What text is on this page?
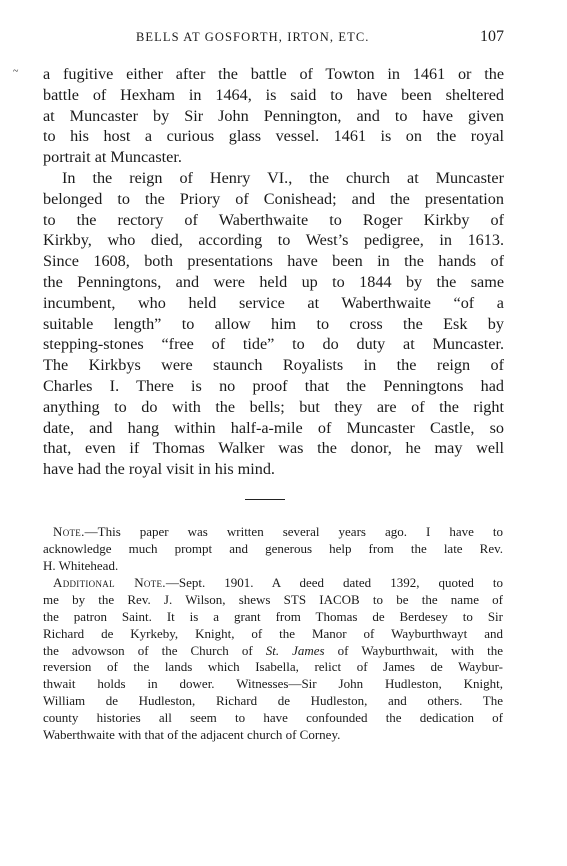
~
BELLS AT GOSFORTH, IRTON, ETC.	107
a fugitive either after the battle of Towton in 1461 or the
battle of Hexham in 1464, is said to have been sheltered
at Muncaster by Sir John Pennington, and to have given
to his host a curious glass vessel. 1461 is on the royal
portrait at Muncaster.
In the reign of Henry VI., the church at Muncaster
belonged to the Priory of Conishead; and the presentation
to the rectory of Waberthwaite to Roger Kirkby of
Kirkby, who died, according to West’s pedigree, in 1613.
Since 1608, both presentations have been in the hands of
the Penningtons, and were held up to 1844 by the same
incumbent, who held service at Waberthwaite “of a
suitable length” to allow him to cross the Esk by
stepping-stones “free of tide” to do duty at Muncaster.
The Kirkbys were staunch Royalists in the reign of
Charles I. There is no proof that the Penningtons had
anything to do with the bells; but they are of the right
date, and hang within half-a-mile of Muncaster Castle, so
that, even if Thomas Walker was the donor, he may well
have had the royal visit in his mind.
Note.—This paper was written several years ago. I have to
acknowledge much prompt and generous help from the late Rev.
H. Whitehead.
Additional Note.—Sept. 1901. A deed dated 1392, quoted to
me by the Rev. J. Wilson, shews STS IACOB to be the name of
the patron Saint. It is a grant from Thomas de Berdesey to Sir
Richard de Kyrkeby, Knight, of the Manor of Wayburthwayt and
the advowson of the Church of St. James of Wayburthwait, with the
reversion of the lands which Isabella, relict of James de Waybur-
thwait holds in dower. Witnesses—Sir John Hudleston, Knight,
William de Hudleston, Richard de Hudleston, and others. The
county histories all seem to have confounded the dedication of
Waberthwaite with that of the adjacent church of Corney.
